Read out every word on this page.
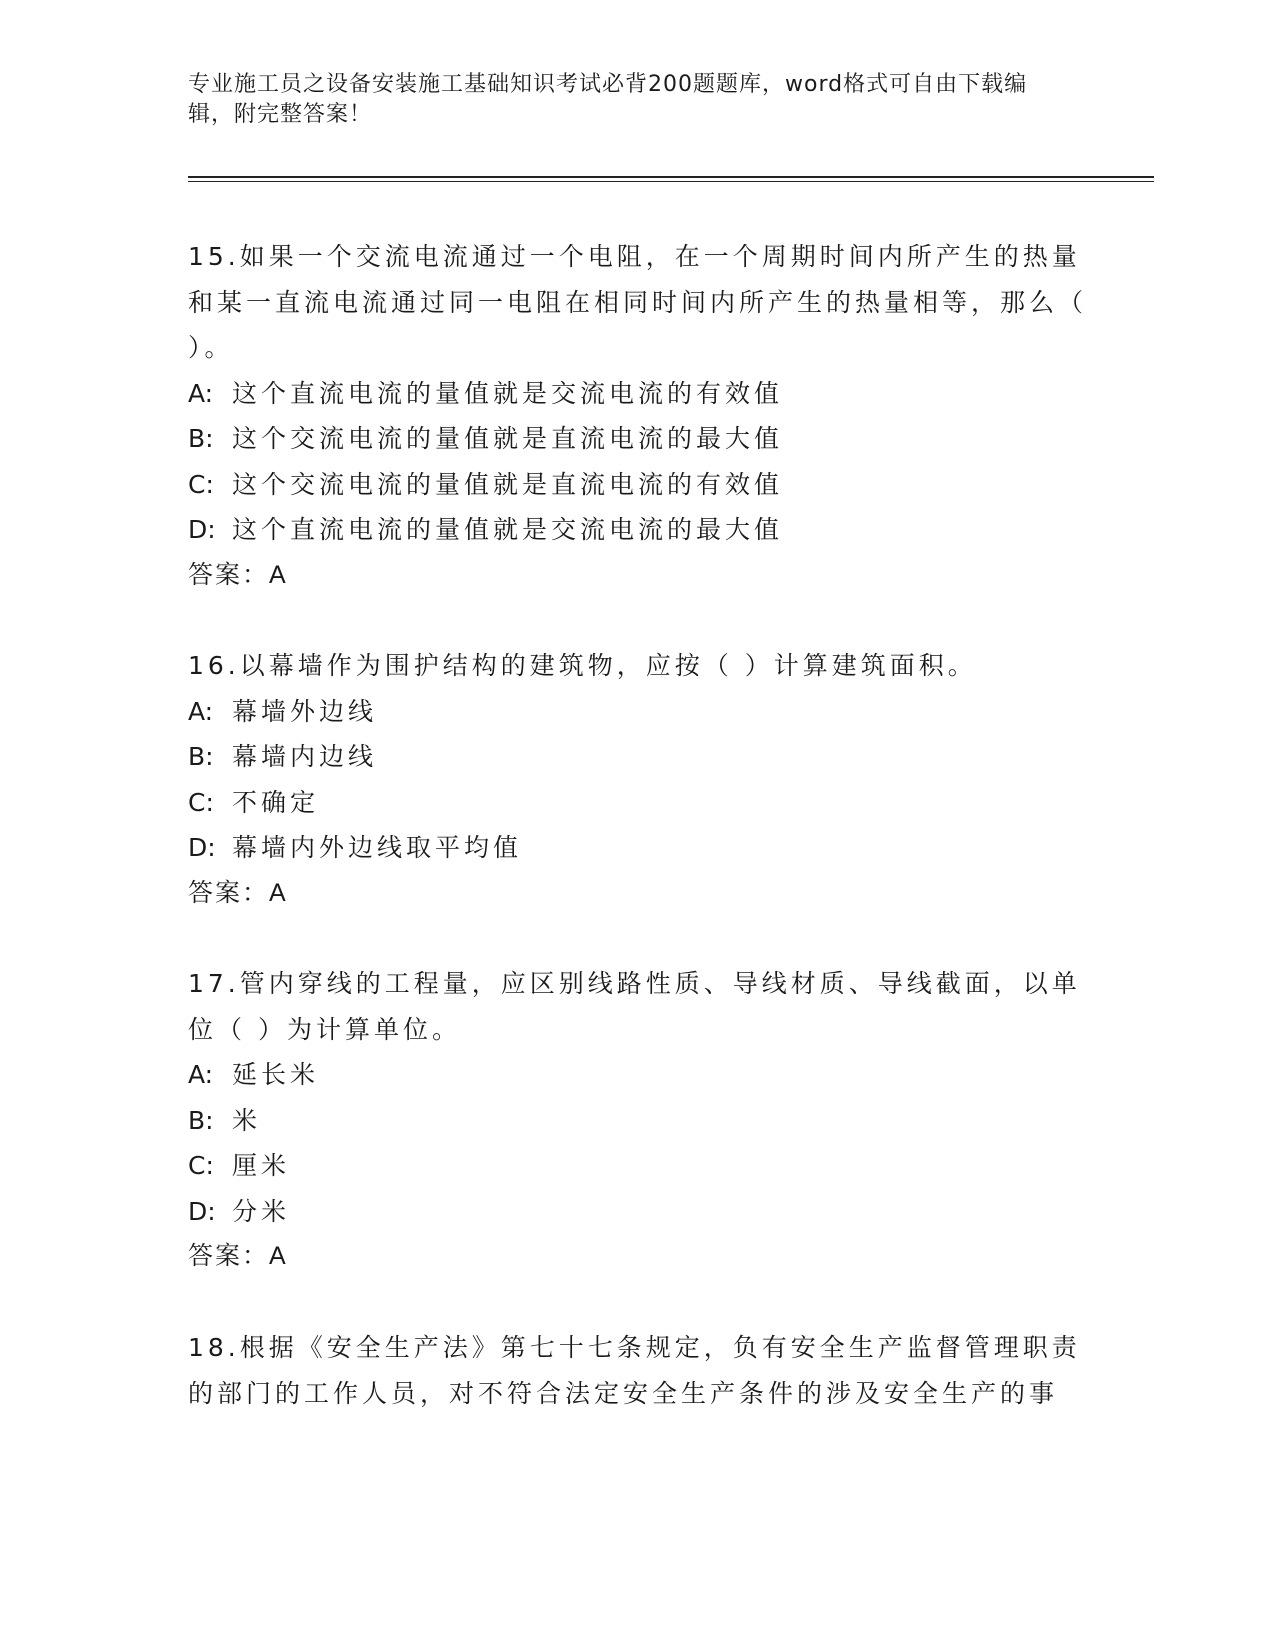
专业施工员之设备安装施工基础知识考试必背200题题库，word格式可自由下载编辑，附完整答案！

15.如果一个交流电流通过一个电阻，在一个周期时间内所产生的热量和某一直流电流通过同一电阻在相同时间内所产生的热量相等，那么（ ）。

A: 这个直流电流的量值就是交流电流的有效值

B: 这个交流电流的量值就是直流电流的最大值

C: 这个交流电流的量值就是直流电流的有效值

D: 这个直流电流的量值就是交流电流的最大值

答案：A

16.以幕墙作为围护结构的建筑物，应按（ ）计算建筑面积。

A: 幕墙外边线

B: 幕墙内边线

C: 不确定

D: 幕墙内外边线取平均值

答案：A

17.管内穿线的工程量，应区别线路性质、导线材质、导线截面，以单位（ ）为计算单位。

A: 延长米

B: 米

C: 厘米

D: 分米

答案：A

18.根据《安全生产法》第七十七条规定，负有安全生产监督管理职责的部门的工作人员，对不符合法定安全生产条件的涉及安全生产的事
